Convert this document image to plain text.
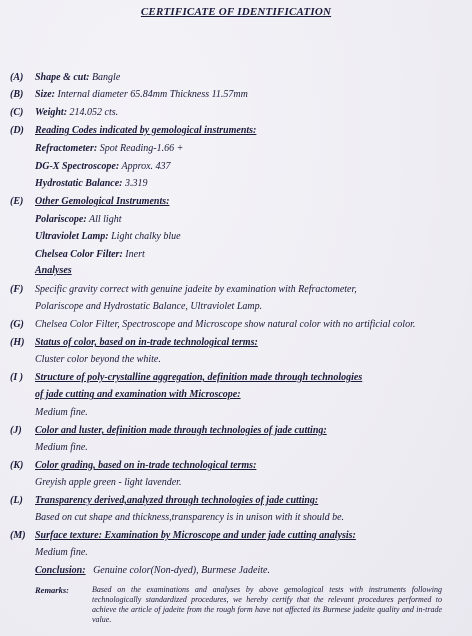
CERTIFICATE OF IDENTIFICATION
(A) Shape & cut: Bangle
(B) Size: Internal diameter 65.84mm Thickness 11.57mm
(C) Weight: 214.052 cts.
(D) Reading Codes indicated by gemological instruments:
Refractometer: Spot Reading-1.66 +
DG-X Spectroscope: Approx. 437
Hydrostatic Balance: 3.319
(E) Other Gemological Instruments:
Polariscope: All light
Ultraviolet Lamp: Light chalky blue
Chelsea Color Filter: Inert
Analyses
(F) Specific gravity correct with genuine jadeite by examination with Refractometer,
Polariscope and Hydrostatic Balance, Ultraviolet Lamp.
(G) Chelsea Color Filter, Spectroscope and Microscope show natural color with no artificial color.
(H) Status of color, based on in-trade technological terms:
Cluster color beyond the white.
(I ) Structure of poly-crystalline aggregation, definition made through technologies
of jade cutting and examination with Microscope:
Medium fine.
(J) Color and luster, definition made through technologies of jade cutting:
Medium fine.
(K) Color grading, based on in-trade technological terms:
Greyish apple green - light lavender.
(L) Transparency derived,analyzed through technologies of jade cutting:
Based on cut shape and thickness,transparency is in unison with it should be.
(M) Surface texture: Examination by Microscope and under jade cutting analysis:
Medium fine.
Conclusion: Genuine color(Non-dyed), Burmese Jadeite.
Remarks:	Based on the examinations and analyses by above gemological tests with instruments following technologically standardized procedures, we hereby certify that the relevant procedures performed to achieve the article of jadeite from the rough form have not affected its Burmese jadeite quality and in-trade value.
